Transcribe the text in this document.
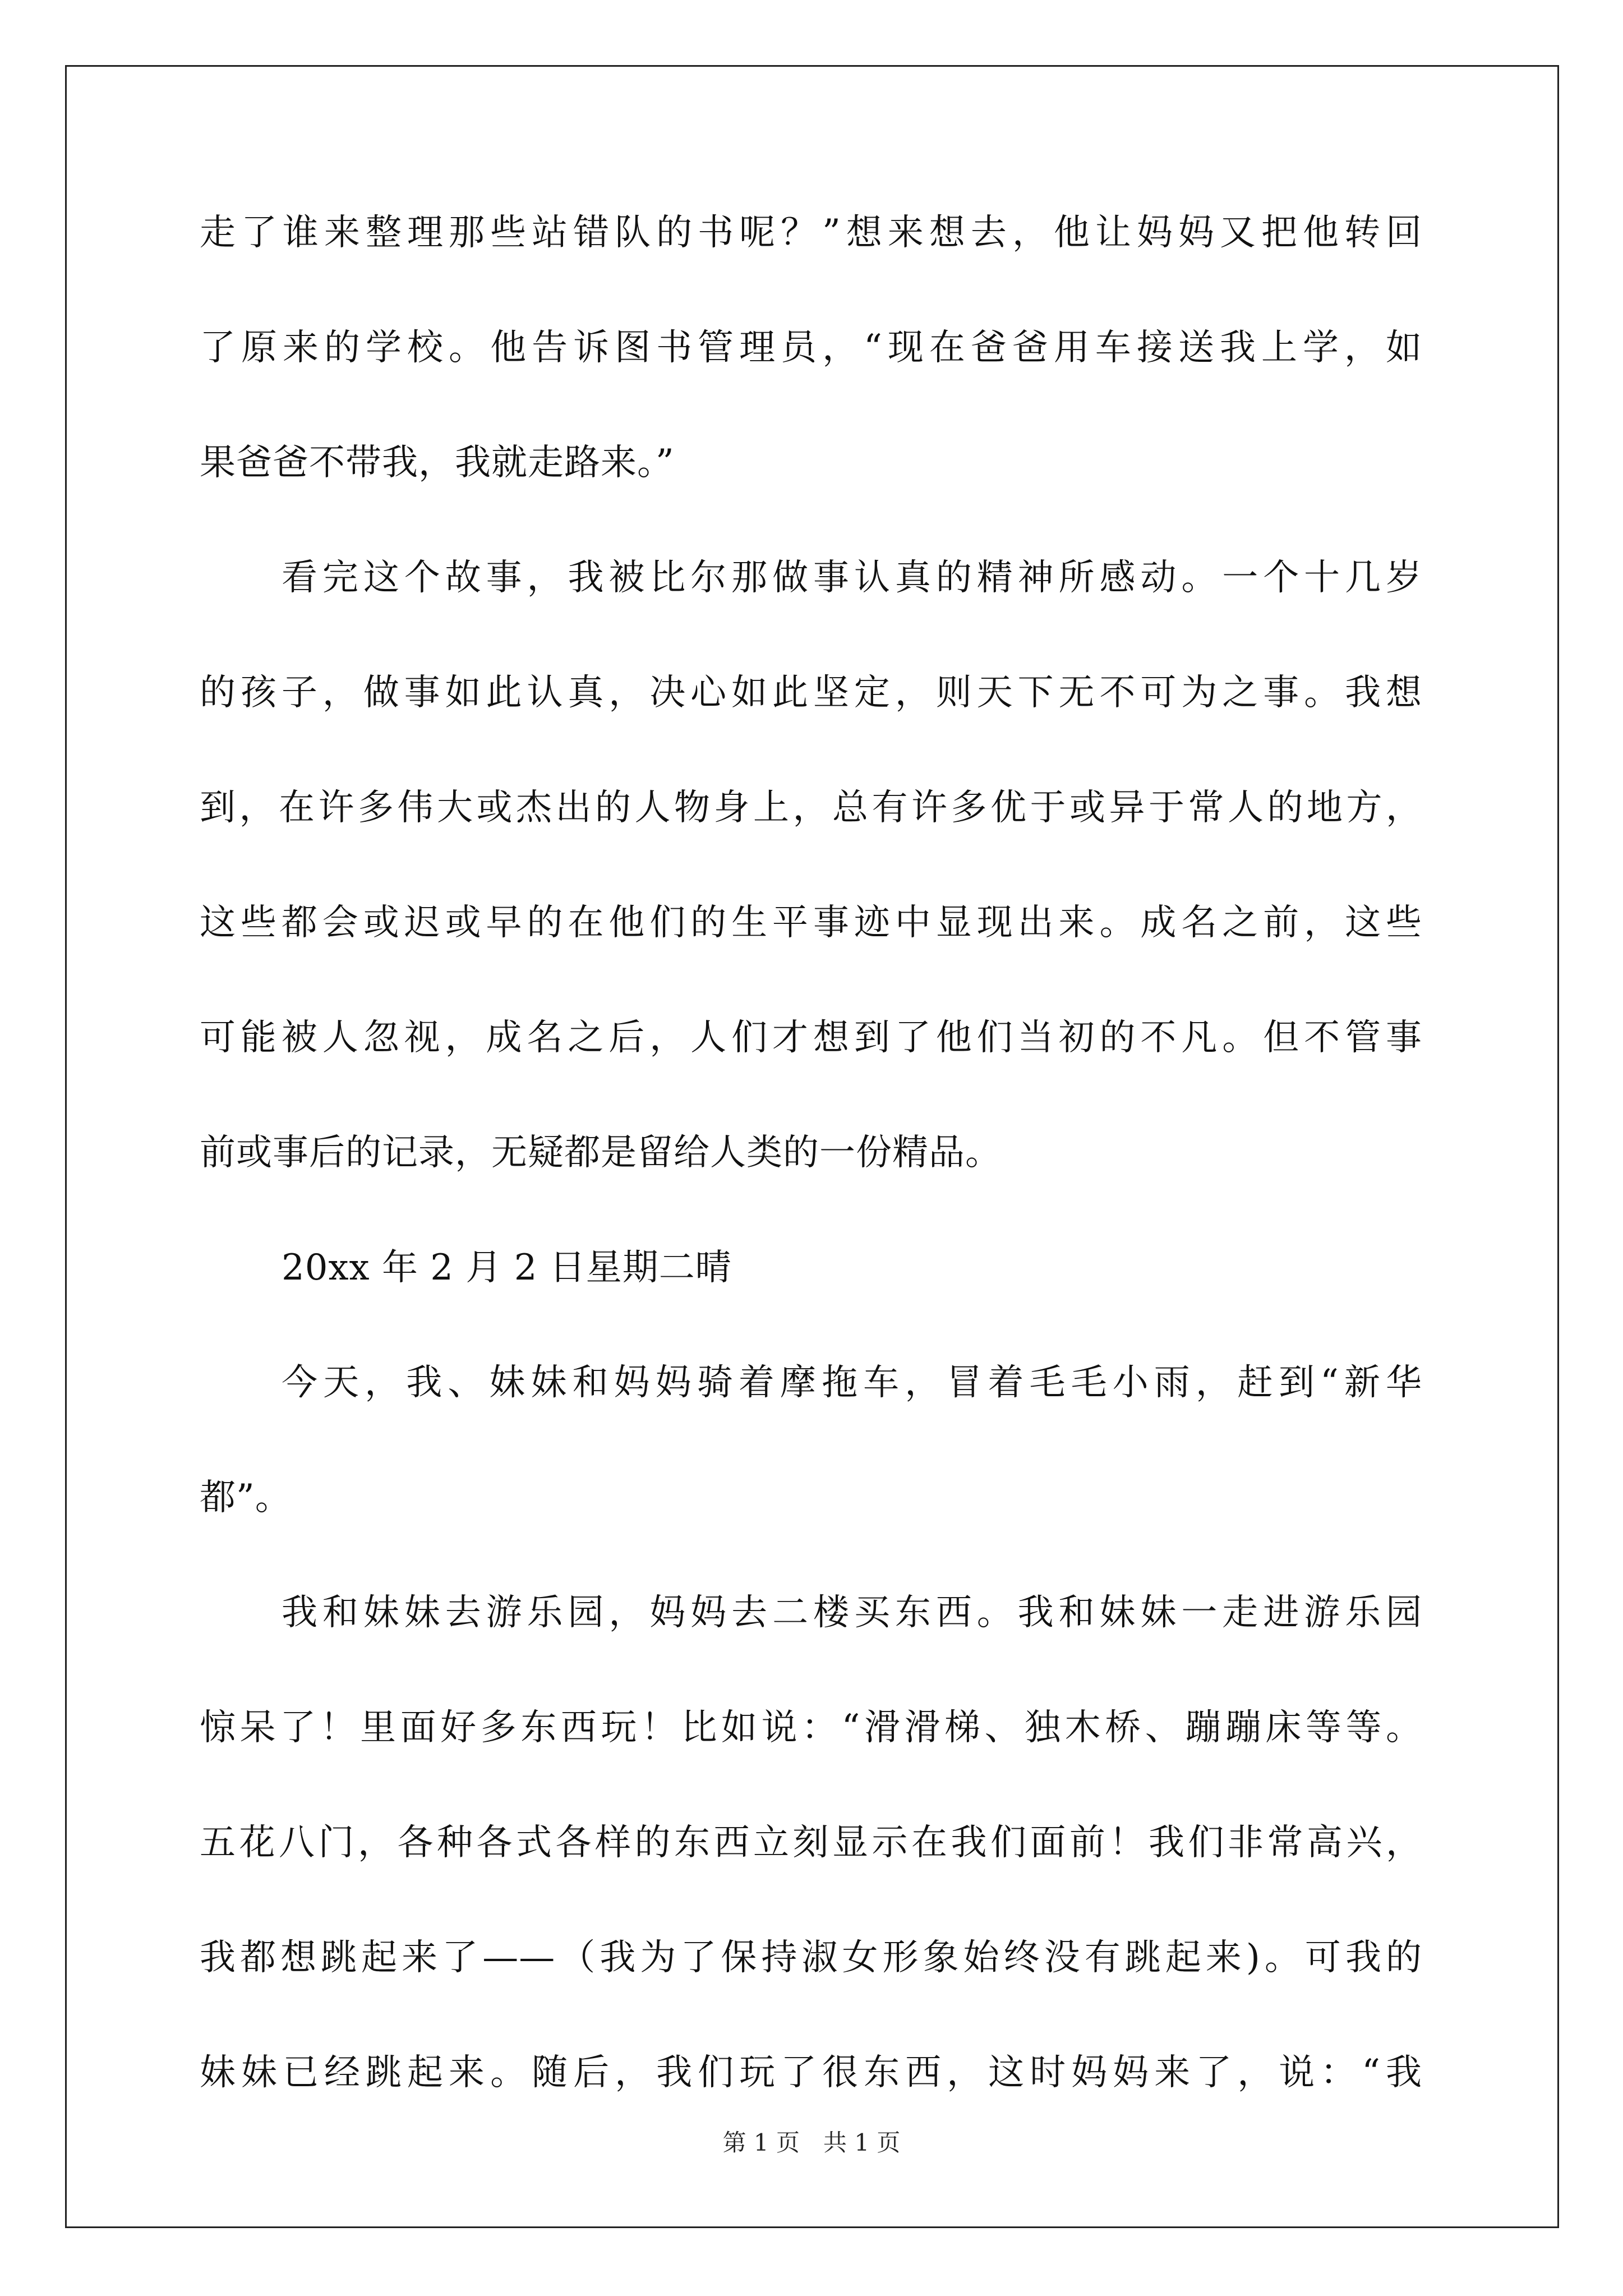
走了谁来整理那些站错队的书呢？”想来想去，他让妈妈又把他转回
了原来的学校。他告诉图书管理员，“现在爸爸用车接送我上学，如
果爸爸不带我，我就走路来。”
看完这个故事，我被比尔那做事认真的精神所感动。一个十几岁
的孩子，做事如此认真，决心如此坚定，则天下无不可为之事。我想
到，在许多伟大或杰出的人物身上，总有许多优于或异于常人的地方，
这些都会或迟或早的在他们的生平事迹中显现出来。成名之前，这些
可能被人忽视，成名之后，人们才想到了他们当初的不凡。但不管事
前或事后的记录，无疑都是留给人类的一份精品。
20xx 年 2 月 2 日星期二晴
今天，我、妹妹和妈妈骑着摩拖车，冒着毛毛小雨，赶到“新华
都”。
我和妹妹去游乐园，妈妈去二楼买东西。我和妹妹一走进游乐园
惊呆了！里面好多东西玩！比如说：“滑滑梯、独木桥、蹦蹦床等等。
五花八门，各种各式各样的东西立刻显示在我们面前！我们非常高兴，
我都想跳起来了——（我为了保持淑女形象始终没有跳起来)。可我的
妹妹已经跳起来。随后，我们玩了很东西，这时妈妈来了，说：“我
第 1 页　共 1 页
